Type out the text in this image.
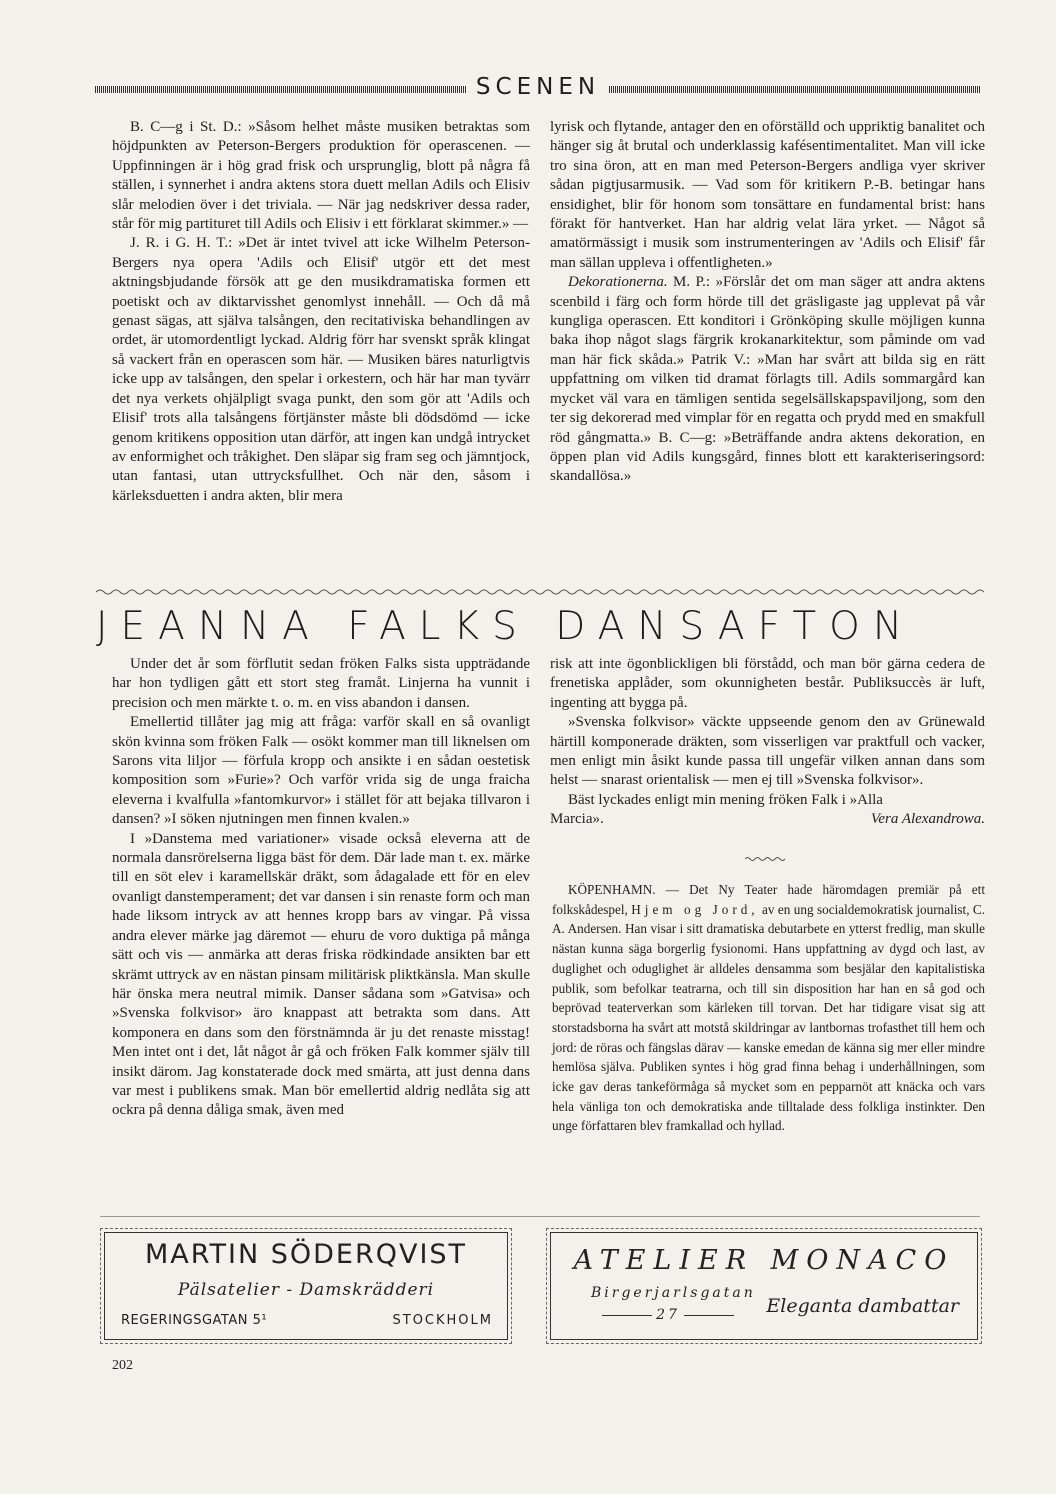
SCENEN

B. C—g i St. D.: »Såsom helhet måste musiken betraktas som höjdpunkten av Peterson-Bergers produktion för operascenen. — Uppfinningen är i hög grad frisk och ursprunglig, blott på några få ställen, i synnerhet i andra aktens stora duett mellan Adils och Elisiv slår melodien över i det triviala. — När jag nedskriver dessa rader, står för mig partituret till Adils och Elisiv i ett förklarat skimmer.» —

J. R. i G. H. T.: »Det är intet tvivel att icke Wilhelm Peterson-Bergers nya opera 'Adils och Elisif' utgör ett det mest aktningsbjudande försök att ge den musikdramatiska formen ett poetiskt och av diktarvisshet genomlyst innehåll. — Och då må genast sägas, att själva talsången, den recitativiska behandlingen av ordet, är utomordentligt lyckad. Aldrig förr har svenskt språk klingat så vackert från en operascen som här. — Musiken bäres naturligtvis icke upp av talsången, den spelar i orkestern, och här har man tyvärr det nya verkets ohjälpligt svaga punkt, den som gör att 'Adils och Elisif' trots alla talsångens förtjänster måste bli dödsdömd — icke genom kritikens opposition utan därför, att ingen kan undgå intrycket av enformighet och tråkighet. Den släpar sig fram seg och jämntjock, utan fantasi, utan uttrycksfullhet. Och när den, såsom i kärleksduetten i andra akten, blir mera

lyrisk och flytande, antager den en oförställd och uppriktig banalitet och hänger sig åt brutal och underklassig kafésentimentalitet. Man vill icke tro sina öron, att en man med Peterson-Bergers andliga vyer skriver sådan pigtjusarmusik. — Vad som för kritikern P.-B. betingar hans ensidighet, blir för honom som tonsättare en fundamental brist: hans förakt för hantverket. Han har aldrig velat lära yrket. — Något så amatörmässigt i musik som instrumenteringen av 'Adils och Elisif' får man sällan uppleva i offentligheten.»

Dekorationerna. M. P.: »Förslår det om man säger att andra aktens scenbild i färg och form hörde till det gräsligaste jag upplevat på vår kungliga operascen. Ett konditori i Grönköping skulle möjligen kunna baka ihop något slags färgrik krokanarkitektur, som påminde om vad man här fick skåda.» Patrik V.: »Man har svårt att bilda sig en rätt uppfattning om vilken tid dramat förlagts till. Adils sommargård kan mycket väl vara en tämligen sentida segelsällskapspaviljong, som den ter sig dekorerad med vimplar för en regatta och prydd med en smakfull röd gångmatta.» B. C—g: »Beträffande andra aktens dekoration, en öppen plan vid Adils kungsgård, finnes blott ett karakteriseringsord: skandallösa.»

JEANNA FALKS DANSAFTON

Under det år som förflutit sedan fröken Falks sista uppträdande har hon tydligen gått ett stort steg framåt. Linjerna ha vunnit i precision och men märkte t. o. m. en viss abandon i dansen.

Emellertid tillåter jag mig att fråga: varför skall en så ovanligt skön kvinna som fröken Falk — osökt kommer man till liknelsen om Sarons vita liljor — förfula kropp och ansikte i en sådan oestetisk komposition som »Furie»? Och varför vrida sig de unga fraicha eleverna i kvalfulla »fantomkurvor» i stället för att bejaka tillvaron i dansen? »I söken njutningen men finnen kvalen.»

I »Danstema med variationer» visade också eleverna att de normala dansrörelserna ligga bäst för dem. Där lade man t. ex. märke till en söt elev i karamellskär dräkt, som ådagalade ett för en elev ovanligt danstemperament; det var dansen i sin renaste form och man hade liksom intryck av att hennes kropp bars av vingar. På vissa andra elever märke jag däremot — ehuru de voro duktiga på många sätt och vis — anmärka att deras friska rödkindade ansikten bar ett skrämt uttryck av en nästan pinsam militärisk pliktkänsla. Man skulle här önska mera neutral mimik. Danser sådana som »Gatvisa» och »Svenska folkvisor» äro knappast att betrakta som dans. Att komponera en dans som den förstnämnda är ju det renaste misstag! Men intet ont i det, låt något år gå och fröken Falk kommer själv till insikt därom. Jag konstaterade dock med smärta, att just denna dans var mest i publikens smak. Man bör emellertid aldrig nedlåta sig att ockra på denna dåliga smak, även med

risk att inte ögonblickligen bli förstådd, och man bör gärna cedera de frenetiska applåder, som okunnigheten består. Publiksuccès är luft, ingenting att bygga på.

»Svenska folkvisor» väckte uppseende genom den av Grünewald härtill komponerade dräkten, som visserligen var praktfull och vacker, men enligt min åsikt kunde passa till ungefär vilken annan dans som helst — snarast orientalisk — men ej till »Svenska folkvisor».

Bäst lyckades enligt min mening fröken Falk i »Alla

Marcia».	Vera Alexandrowa.

KÖPENHAMN. — Det Ny Teater hade häromdagen premiär på ett folkskådespel, Hjem og Jord, av en ung socialdemokratisk journalist, C. A. Andersen. Han visar i sitt dramatiska debutarbete en ytterst fredlig, man skulle nästan kunna säga borgerlig fysionomi. Hans uppfattning av dygd och last, av duglighet och oduglighet är alldeles densamma som besjälar den kapitalistiska publik, som befolkar teatrarna, och till sin disposition har han en så god och beprövad teaterverkan som kärleken till torvan. Det har tidigare visat sig att storstadsborna ha svårt att motstå skildringar av lantbornas trofasthet till hem och jord: de röras och fängslas därav — kanske emedan de känna sig mer eller mindre hemlösa själva. Publiken syntes i hög grad finna behag i underhållningen, som icke gav deras tankeförmåga så mycket som en pepparnöt att knäcka och vars hela vänliga ton och demokratiska ande tilltalade dess folkliga instinkter. Den unge författaren blev framkallad och hyllad.

MARTIN SÖDERQVIST
Pälsatelier - Damskrädderi
REGERINGSGATAN 5¹	STOCKHOLM
ATELIER MONACO
Birgerjarlsgatan
27	Eleganta dambattar
202
